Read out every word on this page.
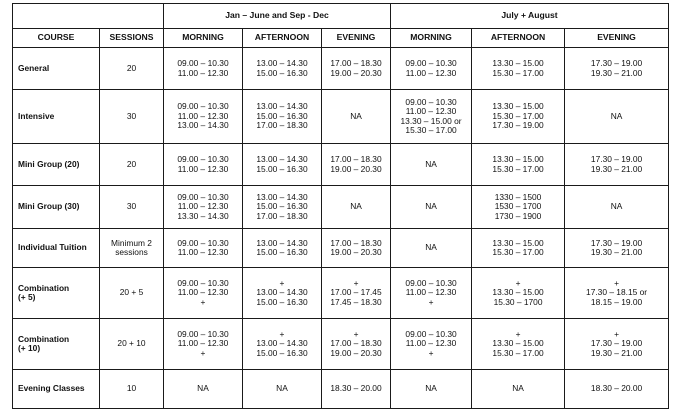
		Jan – June and Sep - Dec			July + August		
COURSE	SESSIONS	MORNING	AFTERNOON	EVENING	MORNING	AFTERNOON	EVENING

General	20	09.00 – 10.30
11.00 – 12.30	13.00 – 14.30
15.00 – 16.30	17.00 – 18.30
19.00 – 20.30	09.00 – 10.30
11.00 – 12.30	13.30 – 15.00
15.30 – 17.00	17.30 – 19.00
19.30 – 21.00

Intensive	30	09.00 – 10.30
11.00 – 12.30
13.00 – 14.30	13.00 – 14.30
15.00 – 16.30
17.00 – 18.30	NA	09.00 – 10.30
11.00 – 12.30
13.30 – 15.00 or
15.30 – 17.00	13.30 – 15.00
15.30 – 17.00
17.30 – 19.00	NA

Mini Group (20)	20	09.00 – 10.30
11.00 – 12.30	13.00 – 14.30
15.00 – 16.30	17.00 – 18.30
19.00 – 20.30	NA	13.30 – 15.00
15.30 – 17.00	17.30 – 19.00
19.30 – 21.00

Mini Group (30)	30	09.00 – 10.30
11.00 – 12.30
13.30 – 14.30	13.00 – 14.30
15.00 – 16.30
17.00 – 18.30	NA	NA	1330 – 1500
1530 – 1700
1730 – 1900	NA

Individual Tuition	Minimum 2
sessions	09.00 – 10.30
11.00 – 12.30	13.00 – 14.30
15.00 – 16.30	17.00 – 18.30
19.00 – 20.30	NA	13.30 – 15.00
15.30 – 17.00	17.30 – 19.00
19.30 – 21.00

Combination
(+ 5)	20 + 5	09.00 – 10.30
11.00 – 12.30
+	+
13.00 – 14.30
15.00 – 16.30	+
17.00 – 17.45
17.45 – 18.30	09.00 – 10.30
11.00 – 12.30
+	+
13.30 – 15.00
15.30 – 1700	+
17.30 – 18.15 or
18.15 – 19.00

Combination
(+ 10)	20 + 10	09.00 – 10.30
11.00 – 12.30
+	+
13.00 – 14.30
15.00 – 16.30	+
17.00 – 18.30
19.00 – 20.30	09.00 – 10.30
11.00 – 12.30
+	+
13.30 – 15.00
15.30 – 17.00	+
17.30 – 19.00
19.30 – 21.00

Evening Classes	10	NA	NA	18.30 – 20.00	NA	NA	18.30 – 20.00
